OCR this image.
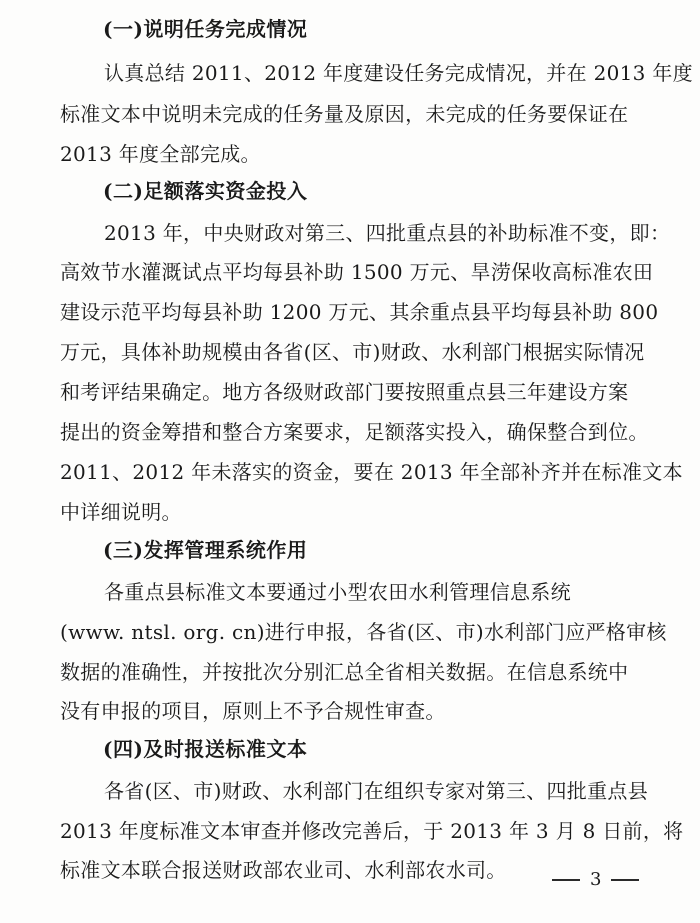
(一)说明任务完成情况
认真总结 2011、2012 年度建设任务完成情况，并在 2013 年度
标准文本中说明未完成的任务量及原因，未完成的任务要保证在
2013 年度全部完成。
(二)足额落实资金投入
2013 年，中央财政对第三、四批重点县的补助标准不变，即：
高效节水灌溉试点平均每县补助 1500 万元、旱涝保收高标准农田
建设示范平均每县补助 1200 万元、其余重点县平均每县补助 800
万元，具体补助规模由各省(区、市)财政、水利部门根据实际情况
和考评结果确定。地方各级财政部门要按照重点县三年建设方案
提出的资金筹措和整合方案要求，足额落实投入，确保整合到位。
2011、2012 年未落实的资金，要在 2013 年全部补齐并在标准文本
中详细说明。
(三)发挥管理系统作用
各重点县标准文本要通过小型农田水利管理信息系统
(www. ntsl. org. cn)进行申报，各省(区、市)水利部门应严格审核
数据的准确性，并按批次分别汇总全省相关数据。在信息系统中
没有申报的项目，原则上不予合规性审查。
(四)及时报送标准文本
各省(区、市)财政、水利部门在组织专家对第三、四批重点县
2013 年度标准文本审查并修改完善后，于 2013 年 3 月 8 日前，将
标准文本联合报送财政部农业司、水利部农水司。	3
